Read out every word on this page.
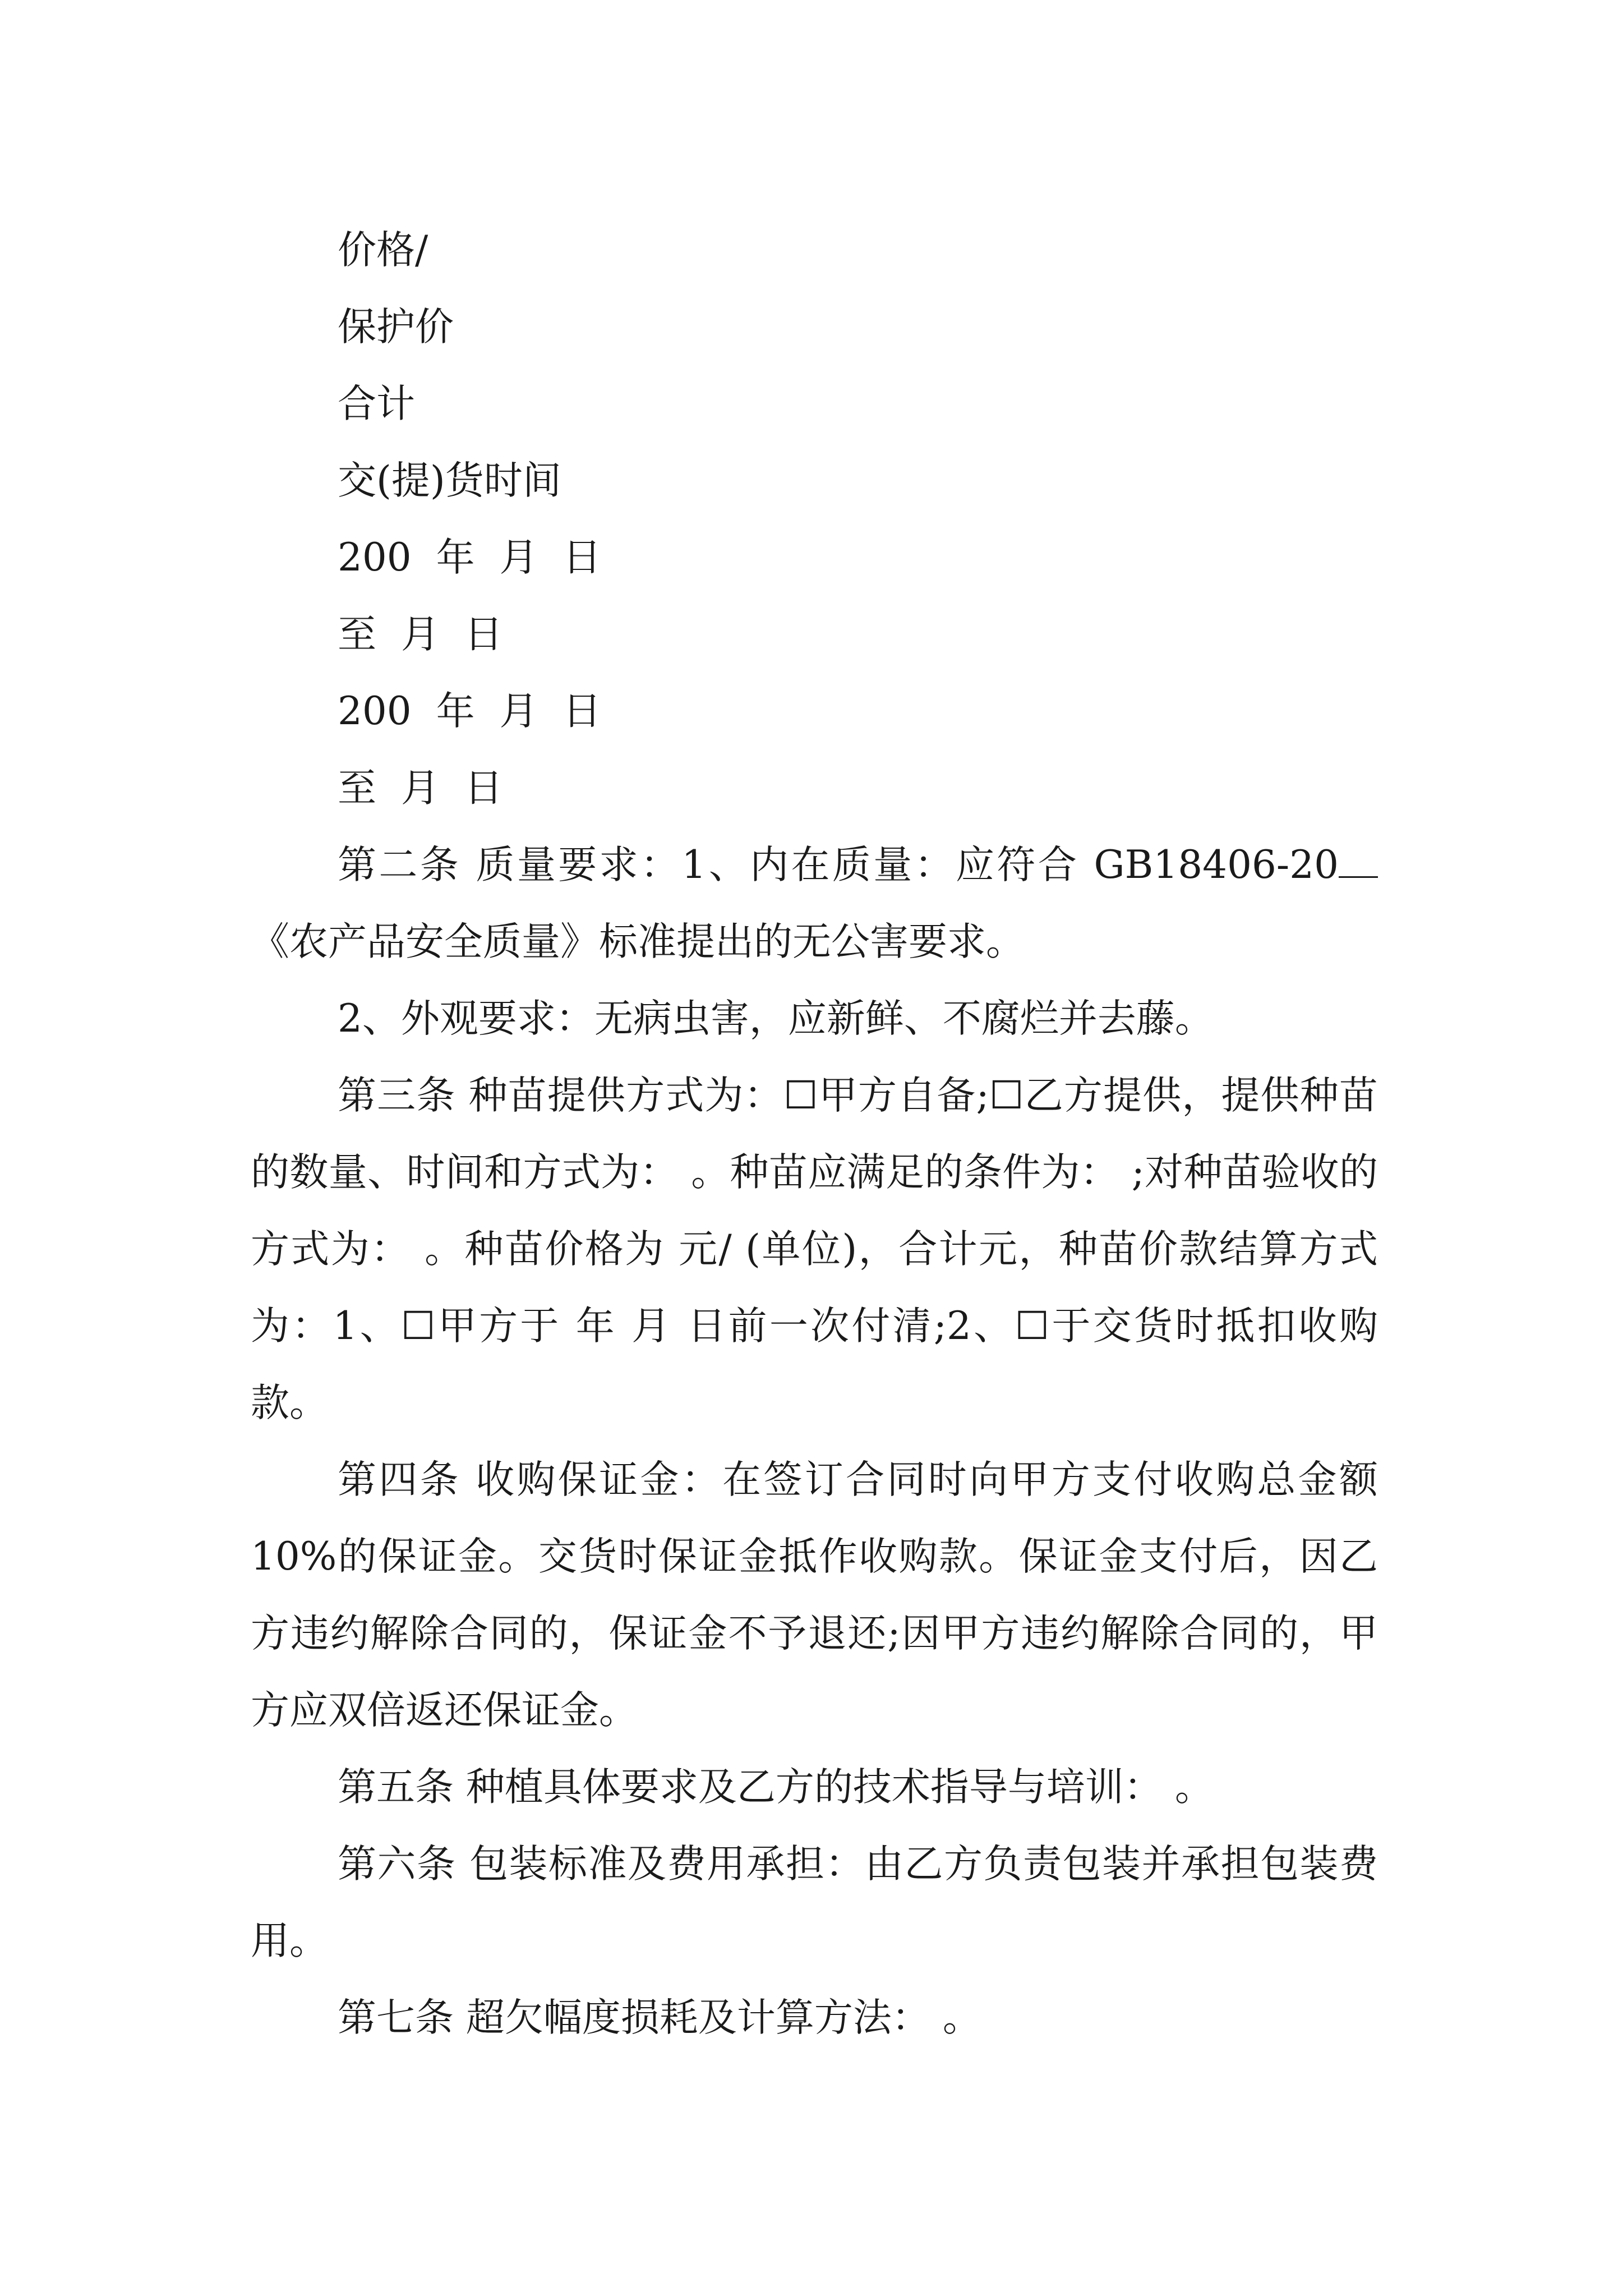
价格/
保护价
合计
交(提)货时间
200  年  月  日
至  月  日
200  年  月  日
至  月  日
第二条 质量要求：1、内在质量：应符合 GB18406-20《农产品安全质量》标准提出的无公害要求。
2、外观要求：无病虫害，应新鲜、不腐烂并去藤。
第三条 种苗提供方式为：☐甲方自备;☐乙方提供，提供种苗的数量、时间和方式为： 。种苗应满足的条件为： ;对种苗验收的方式为： 。种苗价格为 元/ (单位)，合计元，种苗价款结算方式为：1、☐甲方于 年 月 日前一次付清;2、☐于交货时抵扣收购款。
第四条 收购保证金：在签订合同时向甲方支付收购总金额 10%的保证金。交货时保证金抵作收购款。保证金支付后，因乙方违约解除合同的，保证金不予退还;因甲方违约解除合同的，甲方应双倍返还保证金。
第五条 种植具体要求及乙方的技术指导与培训： 。
第六条 包装标准及费用承担：由乙方负责包装并承担包装费用。
第七条 超欠幅度损耗及计算方法： 。
